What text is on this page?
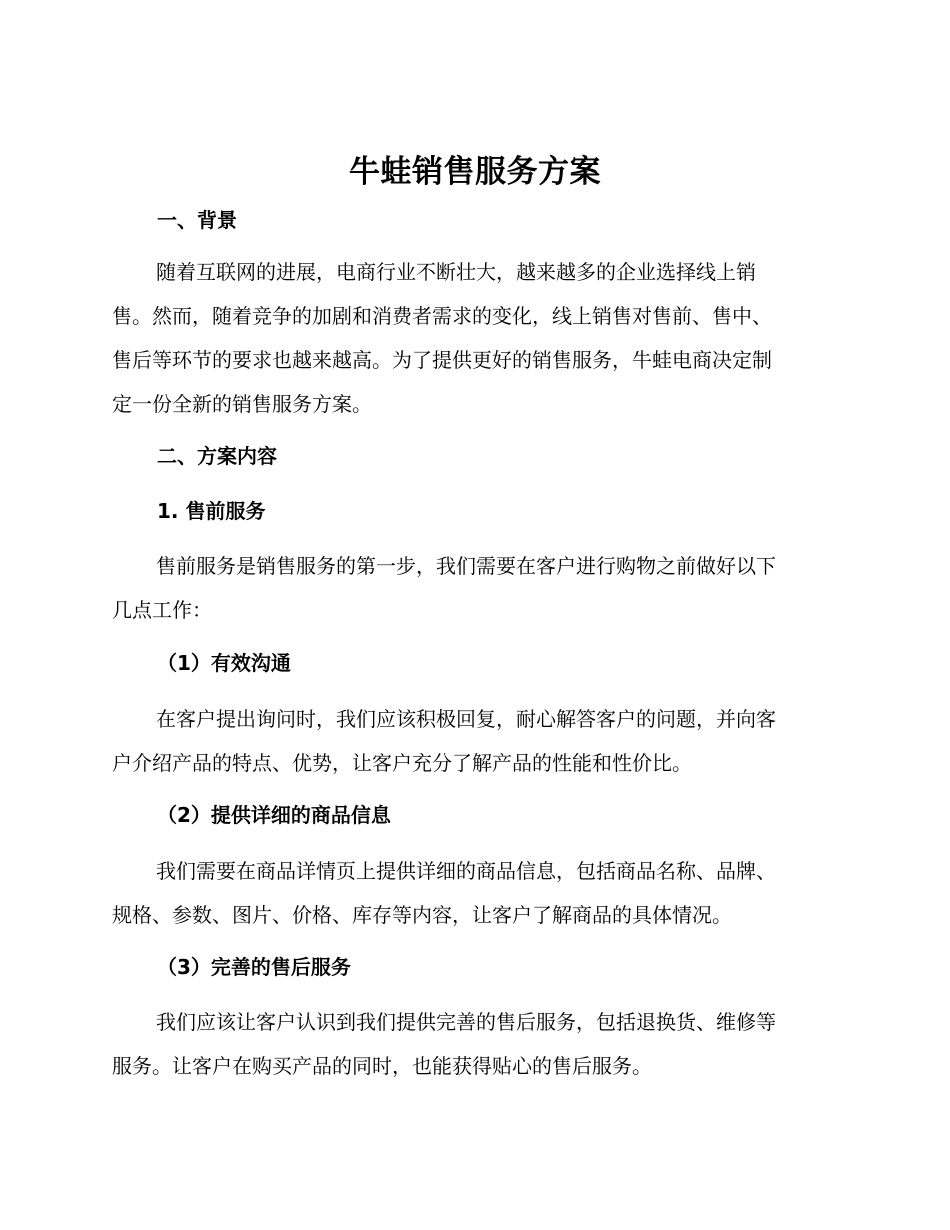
牛蛙销售服务方案
一、背景
随着互联网的进展，电商行业不断壮大，越来越多的企业选择线上销
售。然而，随着竞争的加剧和消费者需求的变化，线上销售对售前、售中、
售后等环节的要求也越来越高。为了提供更好的销售服务，牛蛙电商决定制
定一份全新的销售服务方案。
二、方案内容
1. 售前服务
售前服务是销售服务的第一步，我们需要在客户进行购物之前做好以下
几点工作：
（1）有效沟通
在客户提出询问时，我们应该积极回复，耐心解答客户的问题，并向客
户介绍产品的特点、优势，让客户充分了解产品的性能和性价比。
（2）提供详细的商品信息
我们需要在商品详情页上提供详细的商品信息，包括商品名称、品牌、
规格、参数、图片、价格、库存等内容，让客户了解商品的具体情况。
（3）完善的售后服务
我们应该让客户认识到我们提供完善的售后服务，包括退换货、维修等
服务。让客户在购买产品的同时，也能获得贴心的售后服务。
